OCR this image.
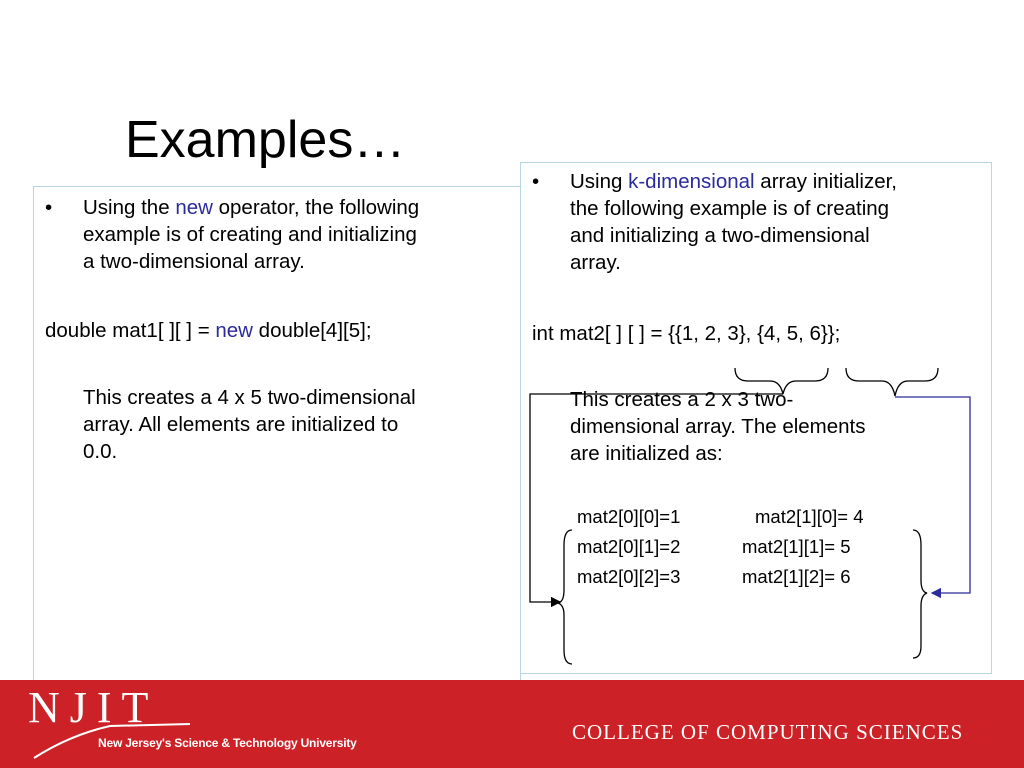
Examples…
•	Using the new operator, the following
example is of creating and initializing
a two-dimensional array.
double mat1[ ][ ] = new double[4][5];
This creates a 4 x 5 two-dimensional
array. All elements are initialized to
0.0.
•	Using k-dimensional array initializer,
the following example is of creating
and initializing a two-dimensional
array.
int mat2[ ] [ ] = {{1, 2, 3}, {4, 5, 6}};
This creates a 2 x 3 two-
dimensional array. The elements
are initialized as:
mat2[0][0]=1	mat2[1][0]= 4
mat2[0][1]=2	mat2[1][1]= 5
mat2[0][2]=3	mat2[1][2]= 6
NJIT
New Jersey's Science & Technology University	COLLEGE OF COMPUTING SCIENCES
